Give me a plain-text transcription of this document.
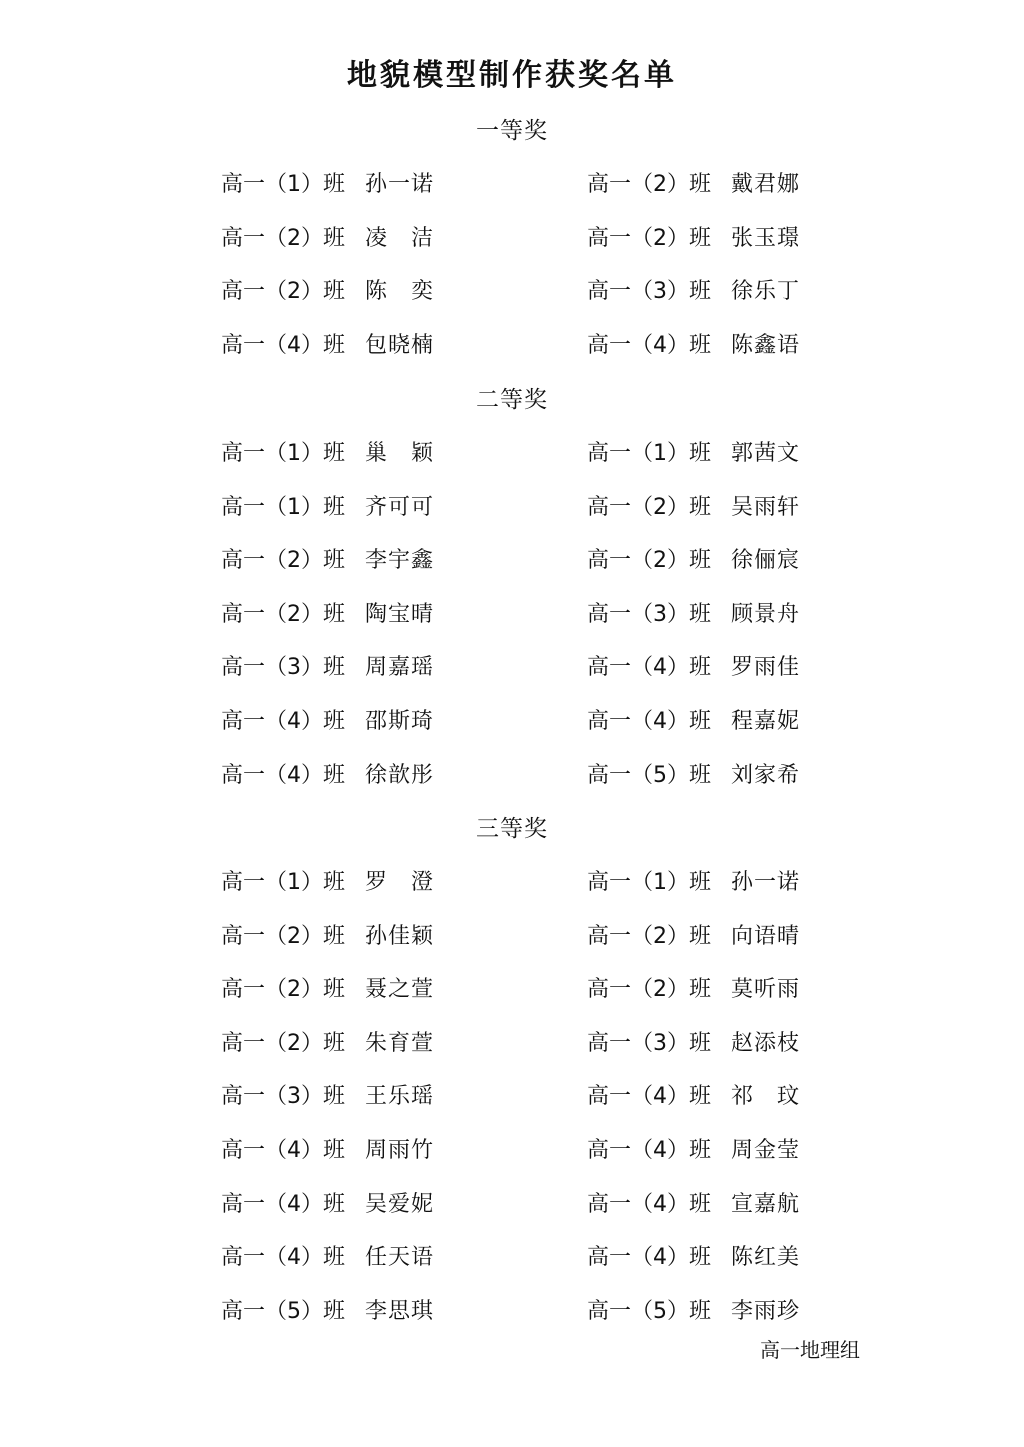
地貌模型制作获奖名单
高一地理组
一等奖
高一（1）班 孙一诺	高一（2）班 戴君娜
高一（2）班 凌　洁	高一（2）班 张玉璟
高一（2）班 陈　奕	高一（3）班 徐乐丁
高一（4）班 包晓楠	高一（4）班 陈鑫语
二等奖
高一（1）班 巢　颖	高一（1）班 郭茜文
高一（1）班 齐可可	高一（2）班 吴雨轩
高一（2）班 李宇鑫	高一（2）班 徐俪宸
高一（2）班 陶宝晴	高一（3）班 顾景舟
高一（3）班 周嘉瑶	高一（4）班 罗雨佳
高一（4）班 邵斯琦	高一（4）班 程嘉妮
高一（4）班 徐歆彤	高一（5）班 刘家希
三等奖
高一（1）班 罗　澄	高一（1）班 孙一诺
高一（2）班 孙佳颖	高一（2）班 向语晴
高一（2）班 聂之萱	高一（2）班 莫听雨
高一（2）班 朱育萱	高一（3）班 赵添枝
高一（3）班 王乐瑶	高一（4）班 祁　玟
高一（4）班 周雨竹	高一（4）班 周金莹
高一（4）班 吴爱妮	高一（4）班 宣嘉航
高一（4）班 任天语	高一（4）班 陈红美
高一（5）班 李思琪	高一（5）班 李雨珍
